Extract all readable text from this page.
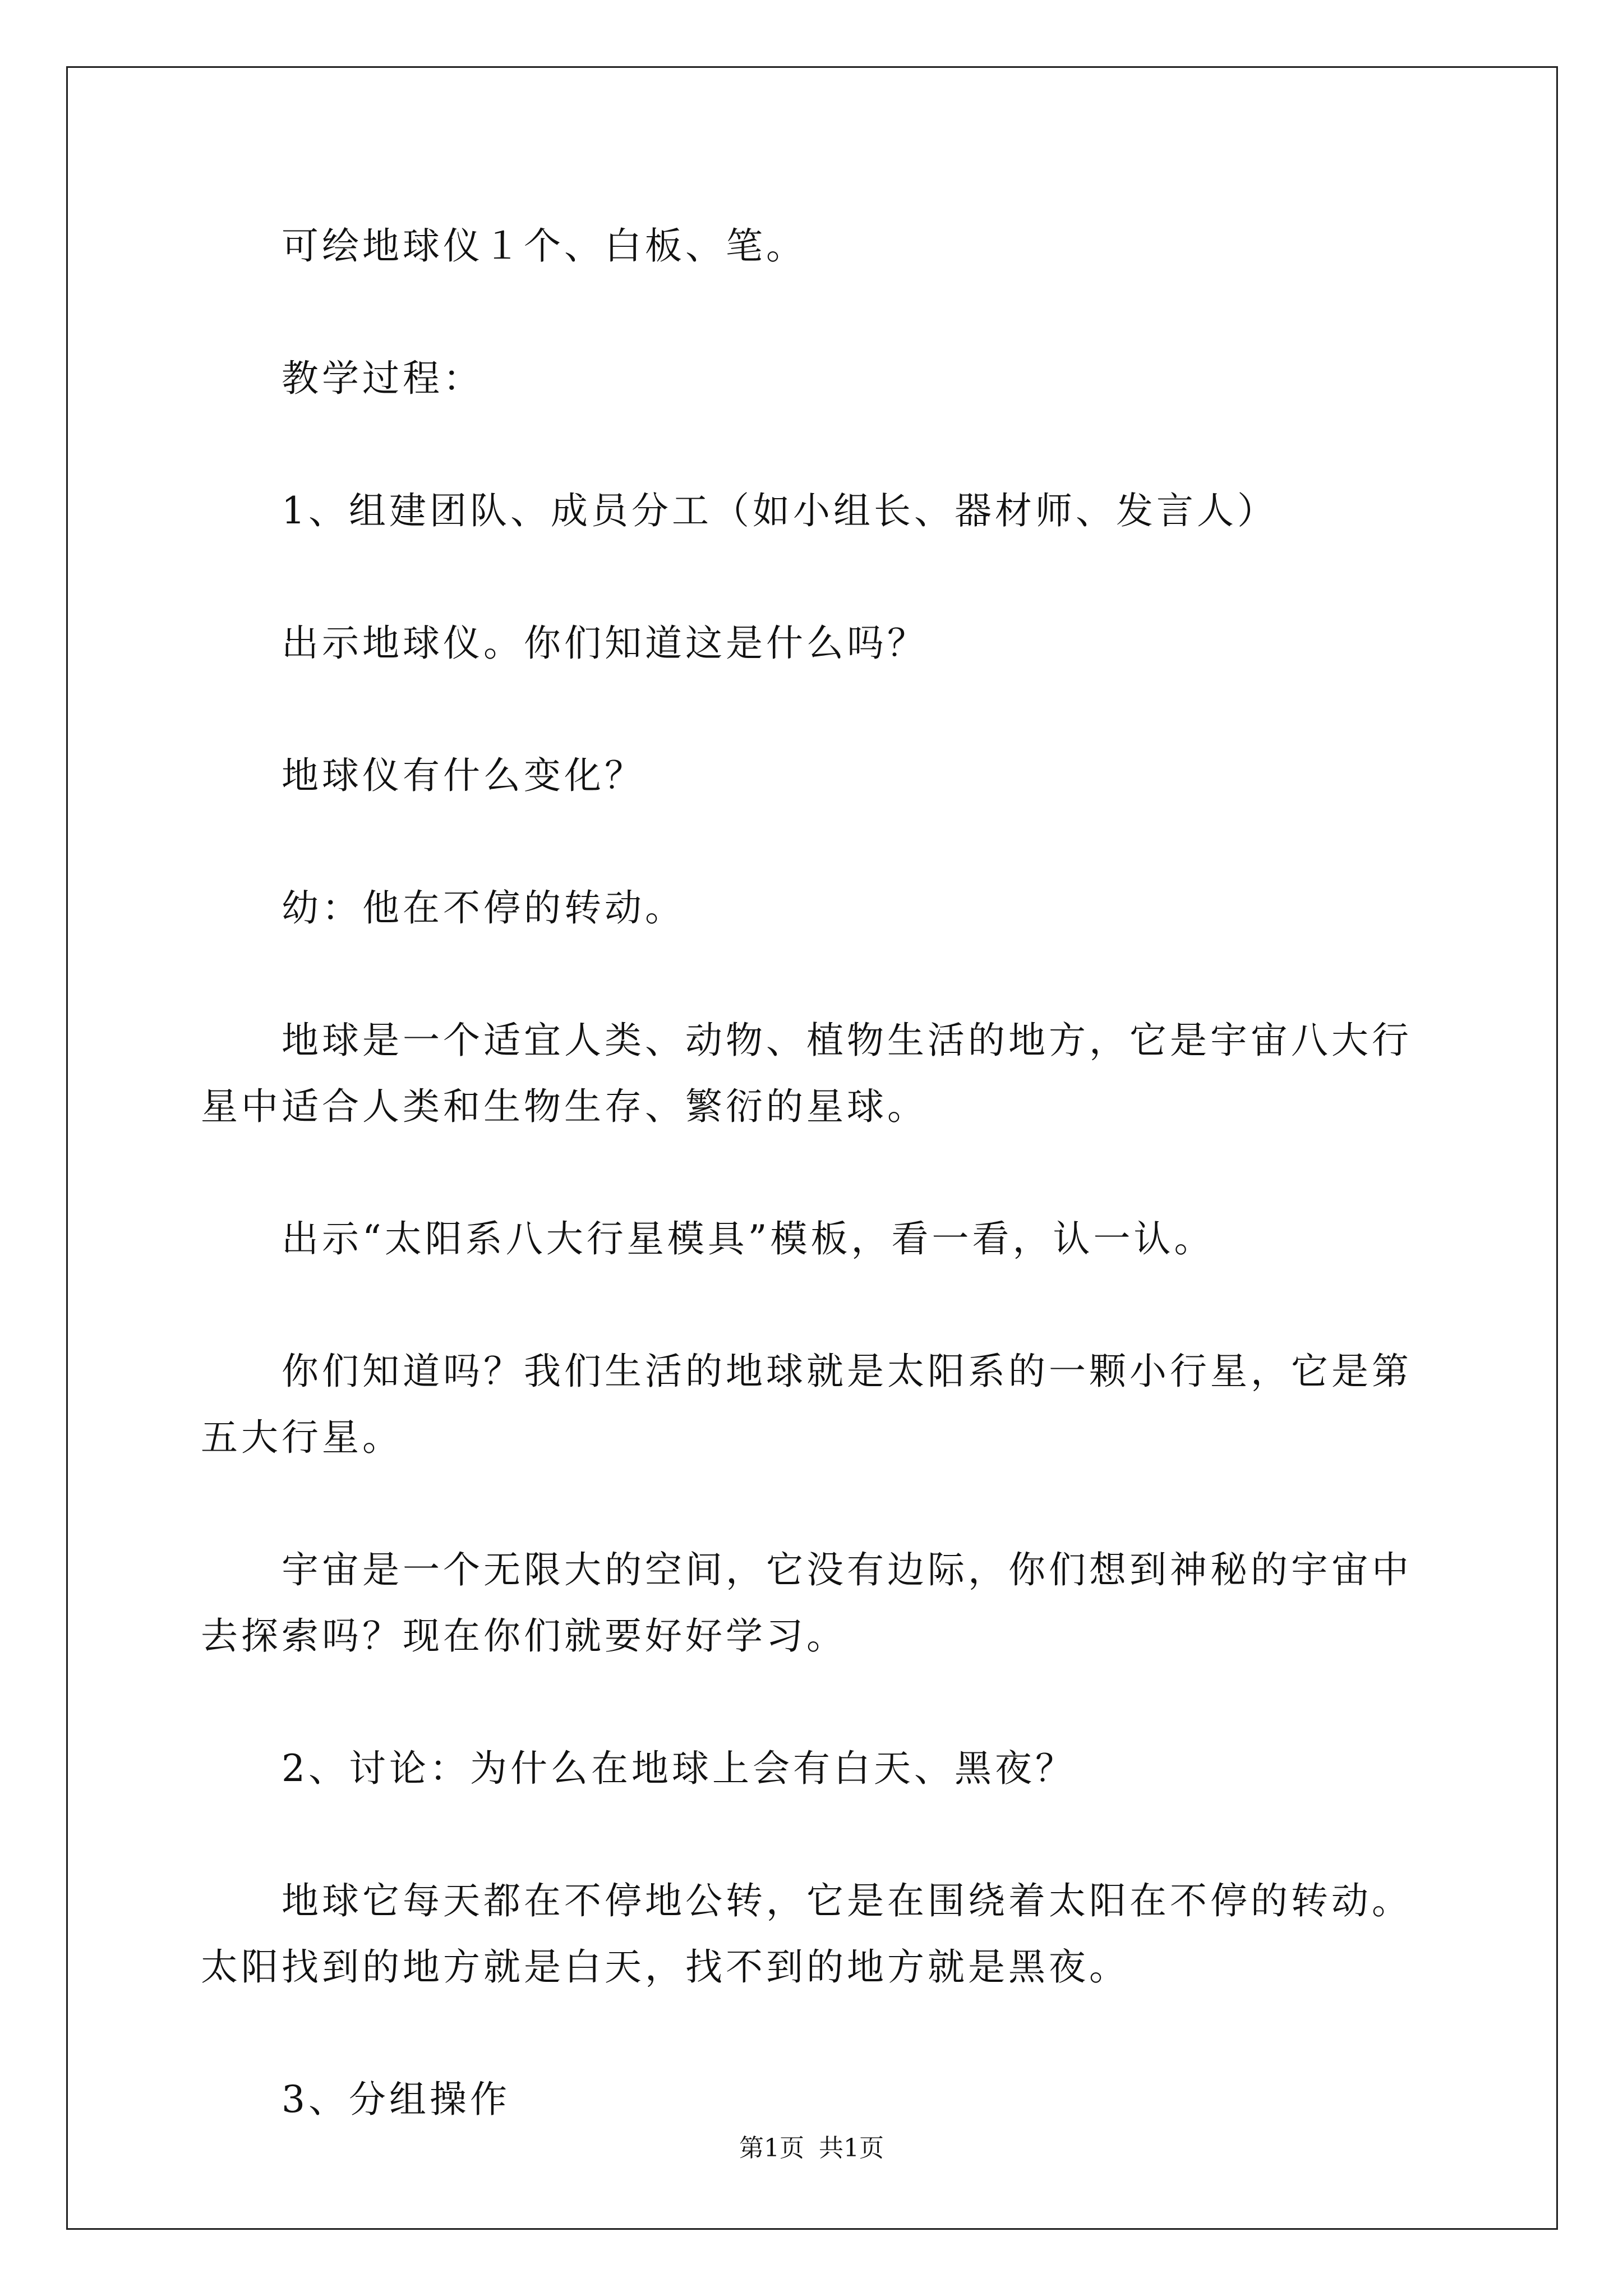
可绘地球仪１个、白板、笔。

教学过程：

1、组建团队、成员分工（如小组长、器材师、发言人）

出示地球仪。你们知道这是什么吗？

地球仪有什么变化？

幼：他在不停的转动。

地球是一个适宜人类、动物、植物生活的地方，它是宇宙八大行星中适合人类和生物生存、繁衍的星球。

出示“太阳系八大行星模具”模板，看一看，认一认。

你们知道吗？我们生活的地球就是太阳系的一颗小行星，它是第五大行星。

宇宙是一个无限大的空间，它没有边际，你们想到神秘的宇宙中去探索吗？现在你们就要好好学习。

2、讨论：为什么在地球上会有白天、黑夜？

地球它每天都在不停地公转，它是在围绕着太阳在不停的转动。太阳找到的地方就是白天，找不到的地方就是黑夜。

3、分组操作

第1页 共1页
